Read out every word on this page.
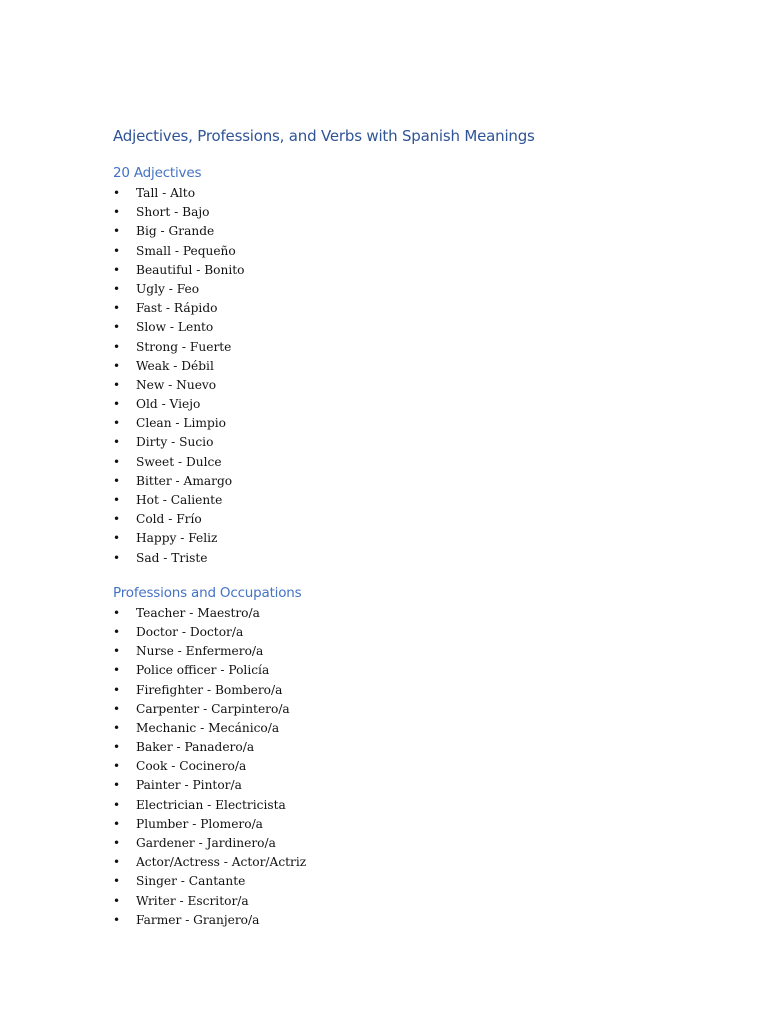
Adjectives, Professions, and Verbs with Spanish Meanings
20 Adjectives
• Tall - Alto
• Short - Bajo
• Big - Grande
• Small - Pequeño
• Beautiful - Bonito
• Ugly - Feo
• Fast - Rápido
• Slow - Lento
• Strong - Fuerte
• Weak - Débil
• New - Nuevo
• Old - Viejo
• Clean - Limpio
• Dirty - Sucio
• Sweet - Dulce
• Bitter - Amargo
• Hot - Caliente
• Cold - Frío
• Happy - Feliz
• Sad - Triste
Professions and Occupations
• Teacher - Maestro/a
• Doctor - Doctor/a
• Nurse - Enfermero/a
• Police officer - Policía
• Firefighter - Bombero/a
• Carpenter - Carpintero/a
• Mechanic - Mecánico/a
• Baker - Panadero/a
• Cook - Cocinero/a
• Painter - Pintor/a
• Electrician - Electricista
• Plumber - Plomero/a
• Gardener - Jardinero/a
• Actor/Actress - Actor/Actriz
• Singer - Cantante
• Writer - Escritor/a
• Farmer - Granjero/a
